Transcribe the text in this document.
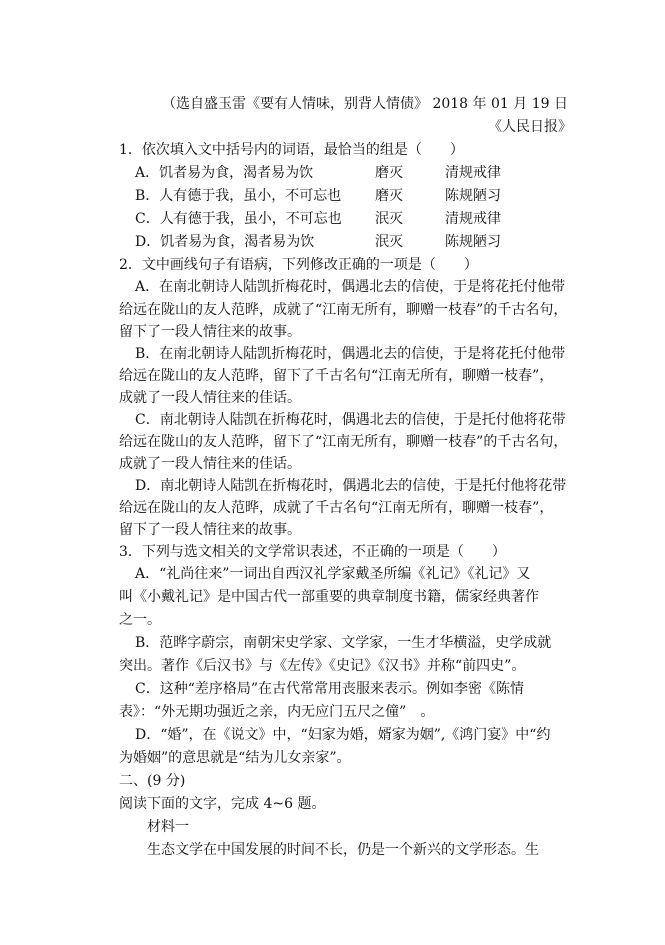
（选自盛玉雷《要有人情味，别背人情债》 2018 年 01 月 19 日
《人民日报》
1．依次填入文中括号内的词语，最恰当的组是（　　）
A．饥者易为食，渴者易为饮	磨灭	清规戒律
B．人有德于我，虽小，不可忘也	磨灭	陈规陋习
C．人有德于我，虽小，不可忘也	泯灭	清规戒律
D．饥者易为食，渴者易为饮	泯灭	陈规陋习
2．文中画线句子有语病，下列修改正确的一项是（　　）
A．在南北朝诗人陆凯折梅花时，偶遇北去的信使，于是将花托付他带
给远在陇山的友人范晔，成就了“江南无所有，聊赠一枝春”的千古名句，
留下了一段人情往来的故事。
B．在南北朝诗人陆凯折梅花时，偶遇北去的信使，于是将花托付他带
给远在陇山的友人范晔，留下了千古名句“江南无所有，聊赠一枝春”，
成就了一段人情往来的佳话。
C．南北朝诗人陆凯在折梅花时，偶遇北去的信使，于是托付他将花带
给远在陇山的友人范晔，留下了“江南无所有，聊赠一枝春”的千古名句，
成就了一段人情往来的佳话。
D．南北朝诗人陆凯在折梅花时，偶遇北去的信使，于是托付他将花带
给远在陇山的友人范晔，成就了千古名句“江南无所有，聊赠一枝春”，
留下了一段人情往来的故事。
3．下列与选文相关的文学常识表述，不正确的一项是（　　）
A．“礼尚往来”一词出自西汉礼学家戴圣所编《礼记》《礼记》又
叫《小戴礼记》是中国古代一部重要的典章制度书籍，儒家经典著作
之一。
B．范晔字蔚宗，南朝宋史学家、文学家，一生才华横溢，史学成就
突出。著作《后汉书》与《左传》《史记》《汉书》并称“前四史”。
C．这种“差序格局”在古代常常用丧服来表示。例如李密《陈情
表》：“外无期功强近之亲，内无应门五尺之僮”　。
D．“婚”，在《说文》中，“妇家为婚，婿家为姻”,《鸿门宴》中“约
为婚姻”的意思就是“结为儿女亲家”。
二、(9 分)
阅读下面的文字，完成 4~6 题。
材料一
生态文学在中国发展的时间不长，仍是一个新兴的文学形态。生
